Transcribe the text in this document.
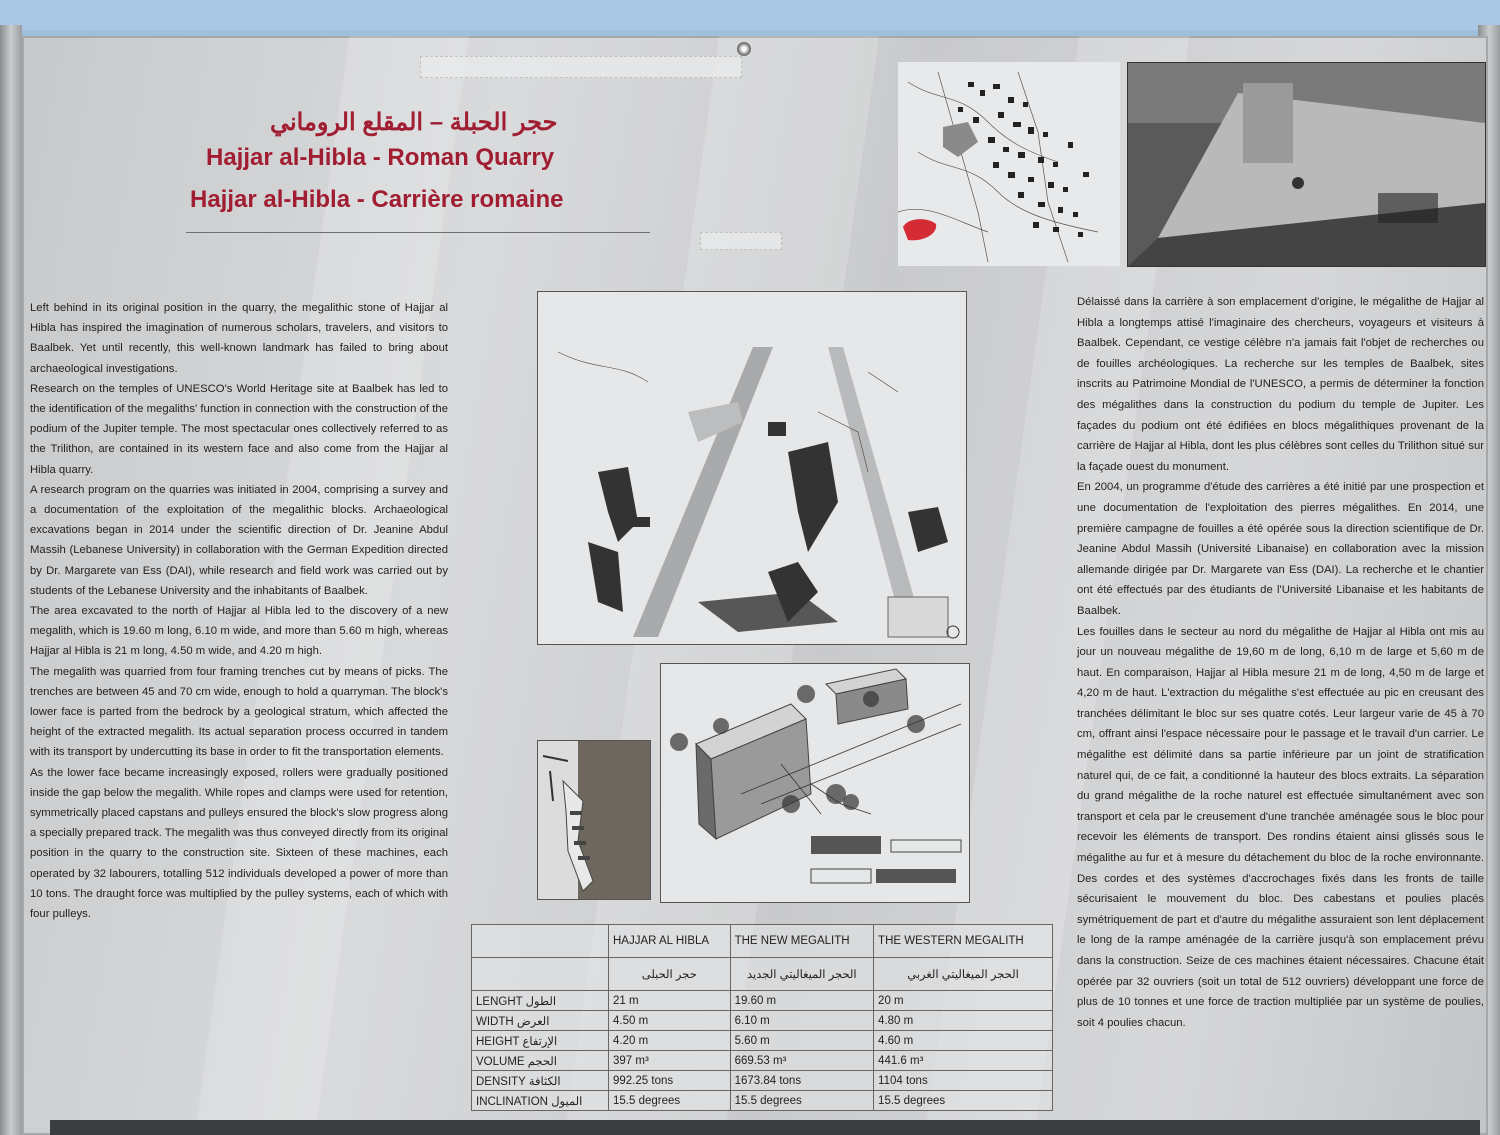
حجر الحبلة – المقلع الروماني
Hajjar al-Hibla - Roman Quarry
Hajjar al-Hibla - Carrière romaine

Left behind in its original position in the quarry, the megalithic stone of Hajjar al Hibla has inspired the imagination of numerous scholars, travelers, and visitors to Baalbek. Yet until recently, this well-known landmark has failed to bring about archaeological investigations.

Research on the temples of UNESCO's World Heritage site at Baalbek has led to the identification of the megaliths' function in connection with the construction of the podium of the Jupiter temple. The most spectacular ones collectively referred to as the Trilithon, are contained in its western face and also come from the Hajjar al Hibla quarry.

A research program on the quarries was initiated in 2004, comprising a survey and a documentation of the exploitation of the megalithic blocks. Archaeological excavations began in 2014 under the scientific direction of Dr. Jeanine Abdul Massih (Lebanese University) in collaboration with the German Expedition directed by Dr. Margarete van Ess (DAI), while research and field work was carried out by students of the Lebanese University and the inhabitants of Baalbek.

The area excavated to the north of Hajjar al Hibla led to the discovery of a new megalith, which is 19.60 m long, 6.10 m wide, and more than 5.60 m high, whereas Hajjar al Hibla is 21 m long, 4.50 m wide, and 4.20 m high.

The megalith was quarried from four framing trenches cut by means of picks. The trenches are between 45 and 70 cm wide, enough to hold a quarryman. The block's lower face is parted from the bedrock by a geological stratum, which affected the height of the extracted megalith. Its actual separation process occurred in tandem with its transport by undercutting its base in order to fit the transportation elements.

As the lower face became increasingly exposed, rollers were gradually positioned inside the gap below the megalith. While ropes and clamps were used for retention, symmetrically placed capstans and pulleys ensured the block's slow progress along a specially prepared track. The megalith was thus conveyed directly from its original position in the quarry to the construction site. Sixteen of these machines, each operated by 32 labourers, totalling 512 individuals developed a power of more than 10 tons. The draught force was multiplied by the pulley systems, each of which with four pulleys.

	HAJJAR AL HIBLA	THE NEW MEGALITH	THE WESTERN MEGALITH
	حجر الحبلى	الحجر الميغاليتي الجديد	الحجر الميغاليتي الغربي
LENGHT الطول	21 m	19.60 m	20 m
WIDTH العرض	4.50 m	6.10 m	4.80 m
HEIGHT الإرتفاع	4.20 m	5.60 m	4.60 m
VOLUME الحجم	397 m³	669.53 m³	441.6 m³
DENSITY الكثافة	992.25 tons	1673.84 tons	1104 tons
INCLINATION الميول	15.5 degrees	15.5 degrees	15.5 degrees

Délaissé dans la carrière à son emplacement d'origine, le mégalithe de Hajjar al Hibla a longtemps attisé l'imaginaire des chercheurs, voyageurs et visiteurs à Baalbek. Cependant, ce vestige célèbre n'a jamais fait l'objet de recherches ou de fouilles archéologiques. La recherche sur les temples de Baalbek, sites inscrits au Patrimoine Mondial de l'UNESCO, a permis de déterminer la fonction des mégalithes dans la construction du podium du temple de Jupiter. Les façades du podium ont été édifiées en blocs mégalithiques provenant de la carrière de Hajjar al Hibla, dont les plus célèbres sont celles du Trilithon situé sur la façade ouest du monument.

En 2004, un programme d'étude des carrières a été initié par une prospection et une documentation de l'exploitation des pierres mégalithes. En 2014, une première campagne de fouilles a été opérée sous la direction scientifique de Dr. Jeanine Abdul Massih (Université Libanaise) en collaboration avec la mission allemande dirigée par Dr. Margarete van Ess (DAI). La recherche et le chantier ont été effectués par des étudiants de l'Université Libanaise et les habitants de Baalbek.

Les fouilles dans le secteur au nord du mégalithe de Hajjar al Hibla ont mis au jour un nouveau mégalithe de 19,60 m de long, 6,10 m de large et 5,60 m de haut. En comparaison, Hajjar al Hibla mesure 21 m de long, 4,50 m de large et 4,20 m de haut. L'extraction du mégalithe s'est effectuée au pic en creusant des tranchées délimitant le bloc sur ses quatre cotés. Leur largeur varie de 45 à 70 cm, offrant ainsi l'espace nécessaire pour le passage et le travail d'un carrier. Le mégalithe est délimité dans sa partie inférieure par un joint de stratification naturel qui, de ce fait, a conditionné la hauteur des blocs extraits. La séparation du grand mégalithe de la roche naturel est effectuée simultanément avec son transport et cela par le creusement d'une tranchée aménagée sous le bloc pour recevoir les éléments de transport. Des rondins étaient ainsi glissés sous le mégalithe au fur et à mesure du détachement du bloc de la roche environnante. Des cordes et des systèmes d'accrochages fixés dans les fronts de taille sécurisaient le mouvement du bloc. Des cabestans et poulies placés symétriquement de part et d'autre du mégalithe assuraient son lent déplacement le long de la rampe aménagée de la carrière jusqu'à son emplacement prévu dans la construction. Seize de ces machines étaient nécessaires. Chacune était opérée par 32 ouvriers (soit un total de 512 ouvriers) développant une force de plus de 10 tonnes et une force de traction multipliée par un système de poulies, soit 4 poulies chacun.
